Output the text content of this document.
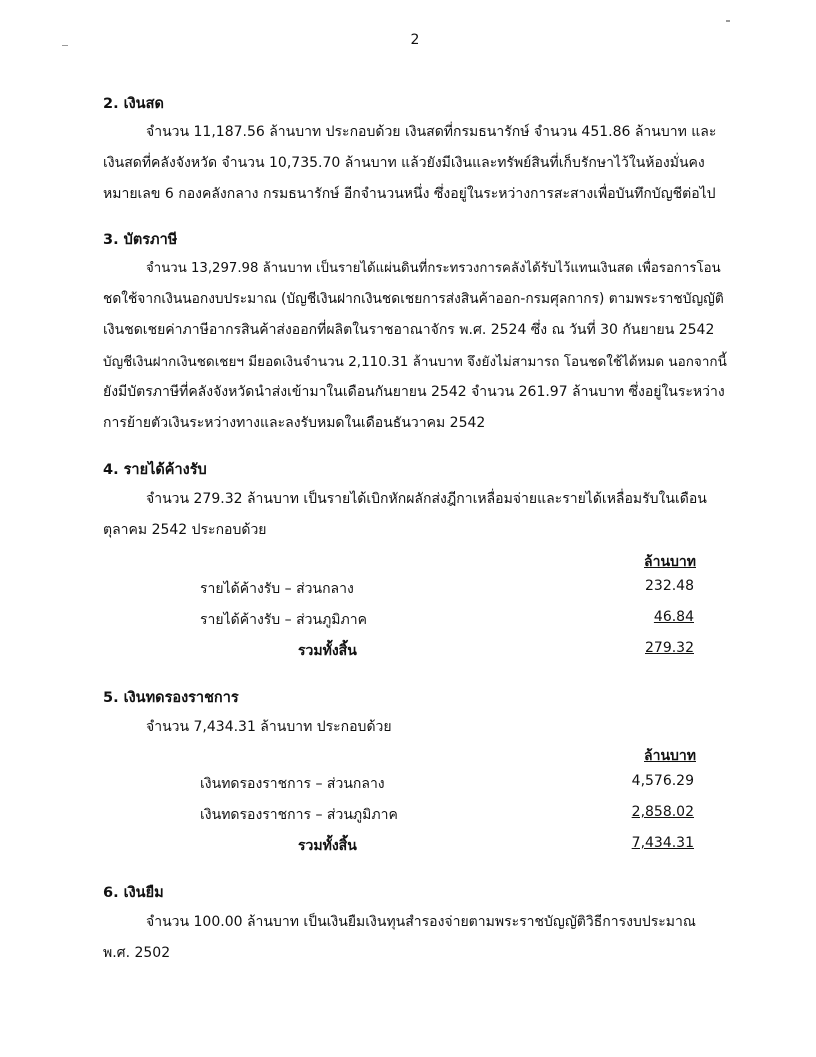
2
2. เงินสด
จำนวน 11,187.56 ล้านบาท ประกอบด้วย เงินสดที่กรมธนารักษ์ จำนวน 451.86 ล้านบาท และ
เงินสดที่คลังจังหวัด จำนวน 10,735.70 ล้านบาท แล้วยังมีเงินและทรัพย์สินที่เก็บรักษาไว้ในห้องมั่นคง
หมายเลข 6 กองคลังกลาง กรมธนารักษ์ อีกจำนวนหนึ่ง ซึ่งอยู่ในระหว่างการสะสางเพื่อบันทึกบัญชีต่อไป
3. บัตรภาษี
จำนวน 13,297.98 ล้านบาท เป็นรายได้แผ่นดินที่กระทรวงการคลังได้รับไว้แทนเงินสด เพื่อรอการโอน
ชดใช้จากเงินนอกงบประมาณ (บัญชีเงินฝากเงินชดเชยการส่งสินค้าออก-กรมศุลกากร) ตามพระราชบัญญัติ
เงินชดเชยค่าภาษีอากรสินค้าส่งออกที่ผลิตในราชอาณาจักร พ.ศ. 2524 ซึ่ง ณ วันที่ 30 กันยายน 2542
บัญชีเงินฝากเงินชดเชยฯ มียอดเงินจำนวน 2,110.31 ล้านบาท จึงยังไม่สามารถ โอนชดใช้ได้หมด นอกจากนี้
ยังมีบัตรภาษีที่คลังจังหวัดนำส่งเข้ามาในเดือนกันยายน 2542 จำนวน 261.97 ล้านบาท ซึ่งอยู่ในระหว่าง
การย้ายตัวเงินระหว่างทางและลงรับหมดในเดือนธันวาคม 2542
4. รายได้ค้างรับ
จำนวน 279.32 ล้านบาท เป็นรายได้เบิกหักผลักส่งฎีกาเหลื่อมจ่ายและรายได้เหลื่อมรับในเดือน
ตุลาคม 2542 ประกอบด้วย
ล้านบาท
รายได้ค้างรับ – ส่วนกลาง	232.48
รายได้ค้างรับ – ส่วนภูมิภาค	46.84
รวมทั้งสิ้น	279.32
5. เงินทดรองราชการ
จำนวน 7,434.31 ล้านบาท ประกอบด้วย
ล้านบาท
เงินทดรองราชการ – ส่วนกลาง	4,576.29
เงินทดรองราชการ – ส่วนภูมิภาค	2,858.02
รวมทั้งสิ้น	7,434.31
6. เงินยืม
จำนวน 100.00 ล้านบาท เป็นเงินยืมเงินทุนสำรองจ่ายตามพระราชบัญญัติวิธีการงบประมาณ
พ.ศ. 2502
